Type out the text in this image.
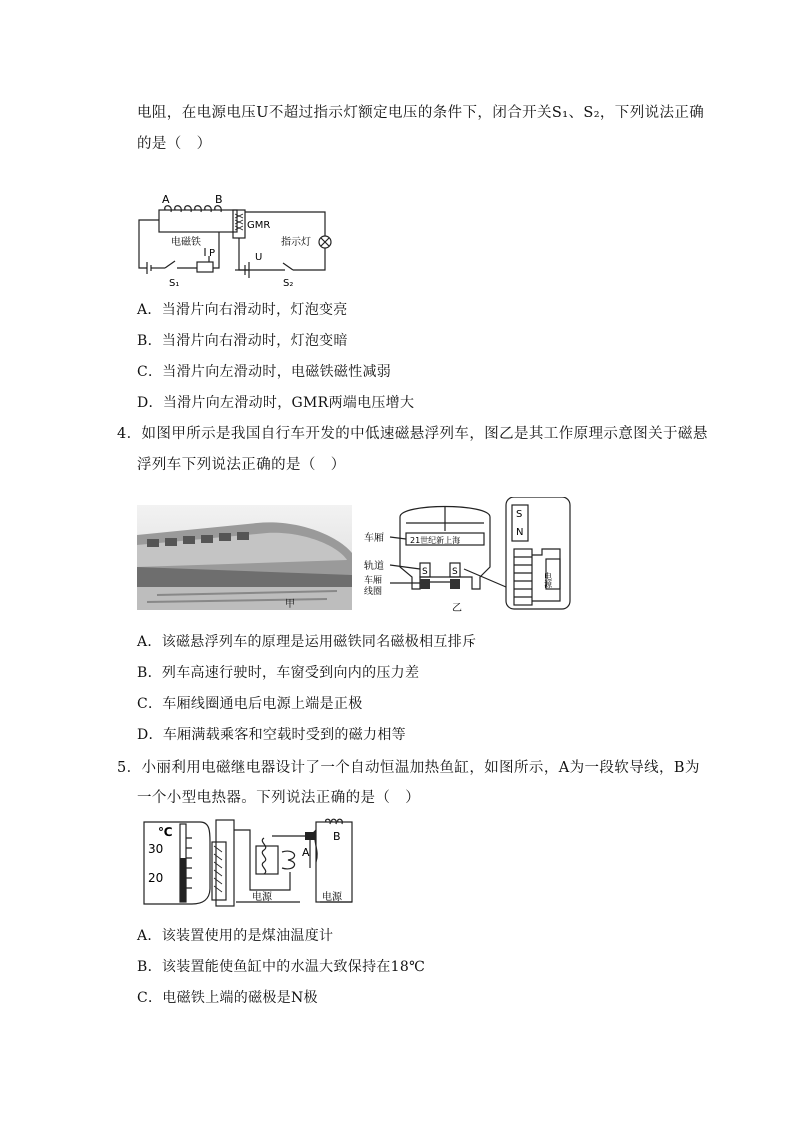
电阻，在电源电压U不超过指示灯额定电压的条件下，闭合开关S₁、S₂，下列说法正确
的是（　）
A	B
GMR
电磁铁	指示灯
U
P
S₁	S₂
A．当滑片向右滑动时，灯泡变亮
B．当滑片向右滑动时，灯泡变暗
C．当滑片向左滑动时，电磁铁磁性减弱
D．当滑片向左滑动时，GMR两端电压增大
4．如图甲所示是我国自行车开发的中低速磁悬浮列车，图乙是其工作原理示意图关于磁悬
浮列车下列说法正确的是（　）
甲
车厢
轨道
车厢
线圈
21世纪新上海
S	S
S
N
电源
乙
A．该磁悬浮列车的原理是运用磁铁同名磁极相互排斥
B．列车高速行驶时，车窗受到向内的压力差
C．车厢线圈通电后电源上端是正极
D．车厢满载乘客和空载时受到的磁力相等
5．小丽利用电磁继电器设计了一个自动恒温加热鱼缸，如图所示，A为一段软导线，B为
一个小型电热器。下列说法正确的是（　）
℃
30
20
A
B
电源	电源
A．该装置使用的是煤油温度计
B．该装置能使鱼缸中的水温大致保持在18℃
C．电磁铁上端的磁极是N极
